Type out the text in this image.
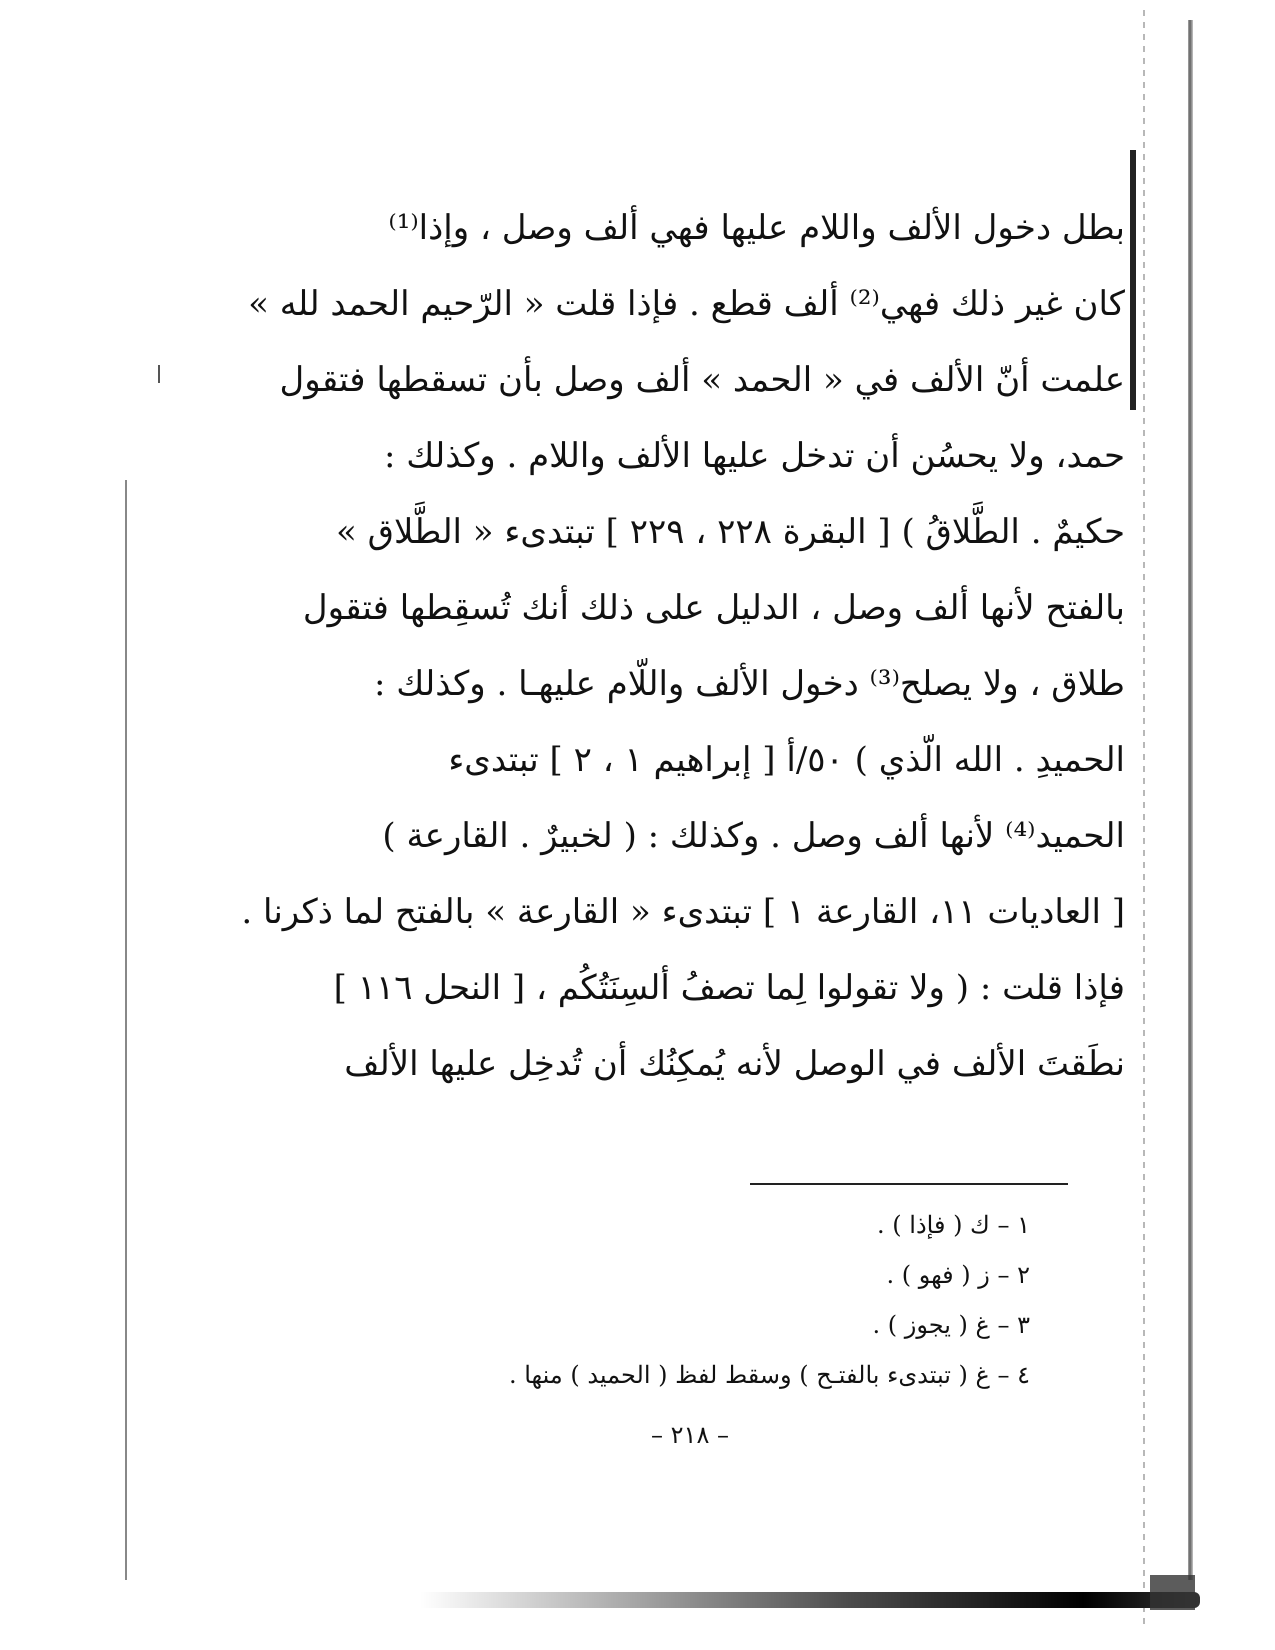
بطل دخول الألف واللام عليها فهي ألف وصل ، وإذا⁽¹⁾
كان غير ذلك فهي⁽²⁾ ألف قطع . فإذا قلت « الرّحيم الحمد لله »
علمت أنّ الألف في « الحمد » ألف وصل بأن تسقطها فتقول
حمد، ولا يحسُن أن تدخل عليها الألف واللام . وكذلك :
حكيمٌ . الطَّلاقُ ) [ البقرة ٢٢٨ ، ٢٢٩ ] تبتدىء « الطَّلاق »
بالفتح لأنها ألف وصل ، الدليل على ذلك أنك تُسقِطها فتقول
طلاق ، ولا يصلح⁽³⁾ دخول الألف واللّام عليهـا . وكذلك :
الحميدِ . الله الّذي ) ٥٠/أ [ إبراهيم ١ ، ٢ ] تبتدىء
الحميد⁽⁴⁾ لأنها ألف وصل . وكذلك : ( لخبيرٌ . القارعة )
[ العاديات ١١، القارعة ١ ] تبتدىء « القارعة » بالفتح لما ذكرنا .
فإذا قلت : ( ولا تقولوا لِما تصفُ ألسِنَتُكُم ، [ النحل ١١٦ ]
نطَقتَ الألف في الوصل لأنه يُمكِنُك أن تُدخِل عليها الألف
١ – ك ( فإذا ) .
٢ – ز ( فهو ) .
٣ – غ ( يجوز ) .
٤ – غ ( تبتدىء بالفتـح ) وسقط لفظ ( الحميد ) منها .
– ٢١٨ –
